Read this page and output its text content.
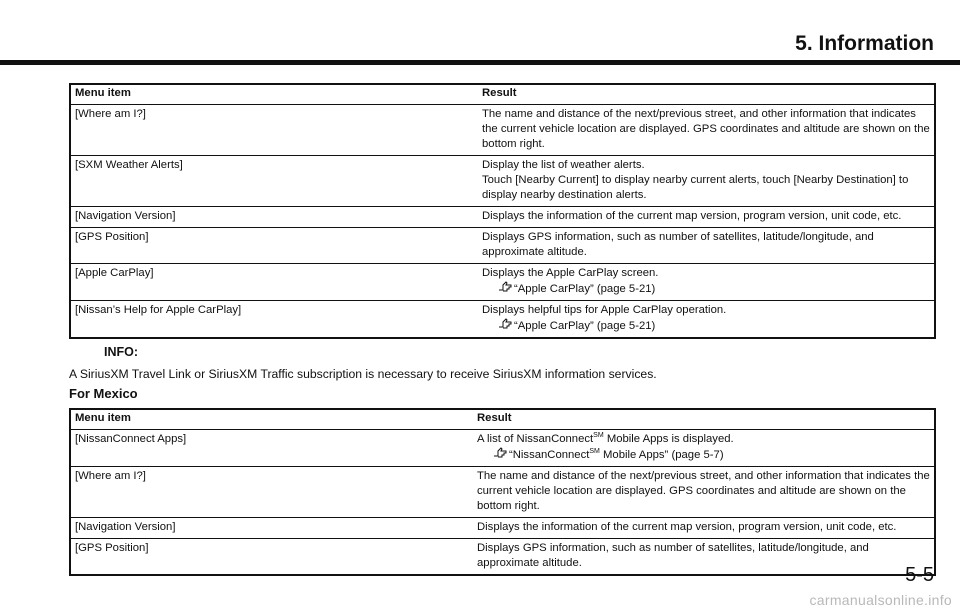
5. Information
Menu item	Result
[Where am I?]	The name and distance of the next/previous street, and other information that indicates the current vehicle location are displayed. GPS coordinates and altitude are shown on the bottom right.
[SXM Weather Alerts]	Display the list of weather alerts.
Touch [Nearby Current] to display nearby current alerts, touch [Nearby Destination] to display nearby destination alerts.

[Navigation Version]	Displays the information of the current map version, program version, unit code, etc.
[GPS Position]	Displays GPS information, such as number of satellites, latitude/longitude, and approximate altitude.
[Apple CarPlay]	Displays the Apple CarPlay screen.
“Apple CarPlay” (page 5-21)

[Nissan’s Help for Apple CarPlay]	Displays helpful tips for Apple CarPlay operation.
“Apple CarPlay” (page 5-21)
INFO:
A SiriusXM Travel Link or SiriusXM Traffic subscription is necessary to receive SiriusXM information services.
For Mexico
Menu item	Result
[NissanConnect Apps]	A list of NissanConnect℠ Mobile Apps is displayed.
“NissanConnect℠ Mobile Apps” (page 5-7)

[Where am I?]	The name and distance of the next/previous street, and other information that indicates the current vehicle location are displayed. GPS coordinates and altitude are shown on the bottom right.
[Navigation Version]	Displays the information of the current map version, program version, unit code, etc.
[GPS Position]	Displays GPS information, such as number of satellites, latitude/longitude, and approximate altitude.
5-5
carmanualsonline.info
